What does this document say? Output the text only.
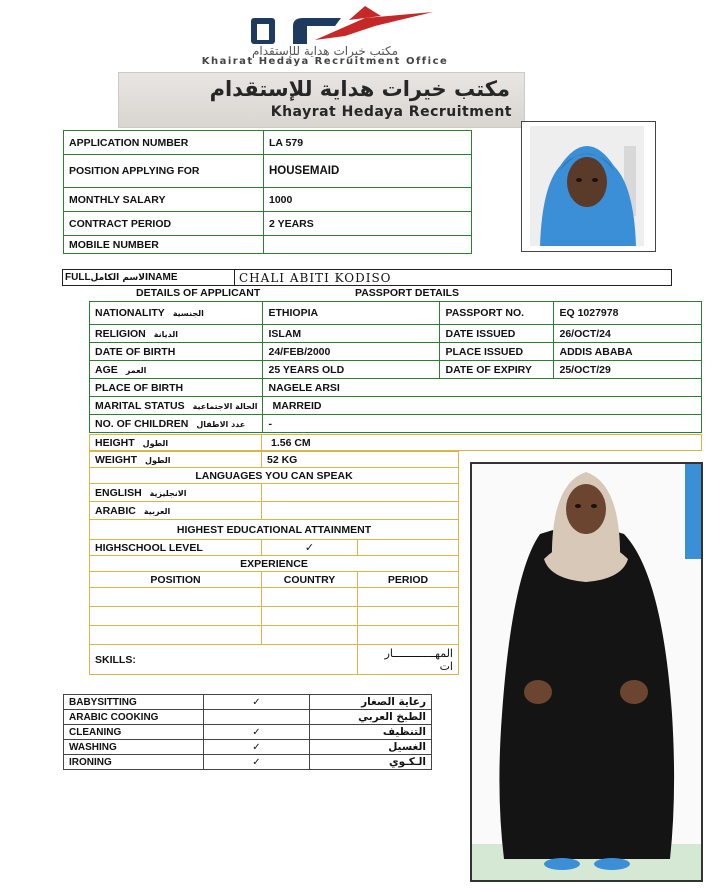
مكتب خيرات هداية للإستقدام
Khairat Hedaya Recruitment Office
مكتب خيرات هداية للإستقدام
Khayrat Hedaya Recruitment
APPLICATION NUMBER	LA 579
POSITION APPLYING FOR	HOUSEMAID
MONTHLY SALARY	1000
CONTRACT PERIOD	2 YEARS
MOBILE NUMBER	
FULLالاسم الكاملNAME	CHALI ABITI KODISO
DETAILS OF APPLICANT	PASSPORT DETAILS
NATIONALITY الجنسية	ETHIOPIA	PASSPORT NO.	EQ 1027978
RELIGION الديانة	ISLAM	DATE ISSUED	26/OCT/24
DATE OF BIRTH	24/FEB/2000	PLACE ISSUED	ADDIS ABABA
AGE العمر	25 YEARS OLD	DATE OF EXPIRY	25/OCT/29
PLACE OF BIRTH	NAGELE ARSI		
MARITAL STATUS الحالة الاجتماعية	MARREID		
NO. OF CHILDREN عدد الاطفال	-		
HEIGHT الطول	1.56 CM
WEIGHT الطول	52 KG	
LANGUAGES YOU CAN SPEAK		
ENGLISH الانجليزية		
ARABIC العربية		
HIGHEST EDUCATIONAL ATTAINMENT		
HIGHSCHOOL LEVEL	✓	
EXPERIENCE		
POSITION	COUNTRY	PERIOD

SKILLS:		المهـــــــــــــار
ات
BABYSITTING	✓	رعاية الصغار
ARABIC COOKING		الطبخ العربي
CLEANING	✓	التنظيف
WASHING	✓	الغسيل
IRONING	✓	الـكـوي
